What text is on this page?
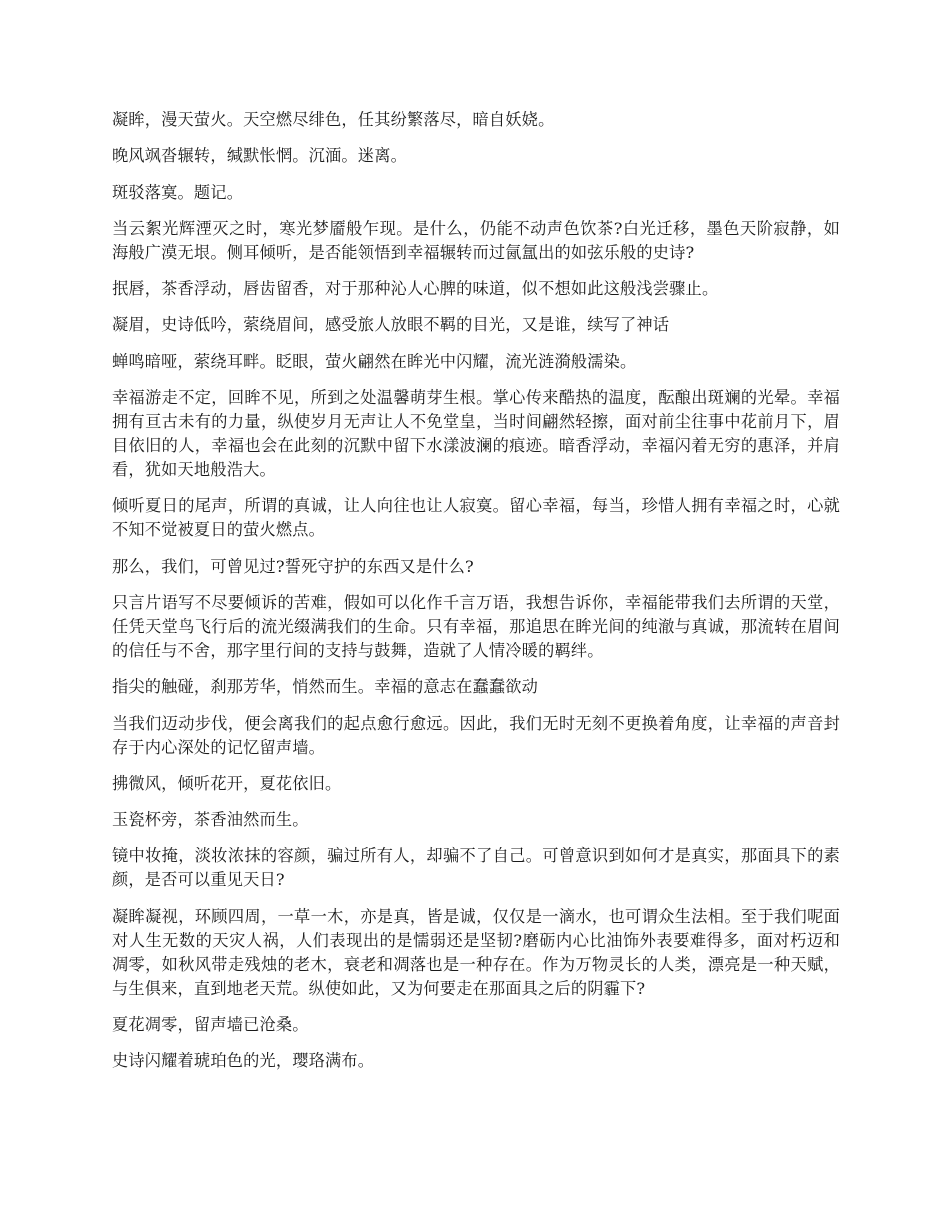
凝眸，漫天萤火。天空燃尽绯色，任其纷繁落尽，暗自妖娆。

晚风飒沓辗转，缄默怅惘。沉湎。迷离。

斑驳落寞。题记。

当云絮光辉湮灭之时，寒光梦靥般乍现。是什么，仍能不动声色饮茶?白光迁移，墨色天阶寂静，如海般广漠无垠。侧耳倾听，是否能领悟到幸福辗转而过氤氲出的如弦乐般的史诗?

抿唇，茶香浮动，唇齿留香，对于那种沁人心脾的味道，似不想如此这般浅尝骤止。

凝眉，史诗低吟，萦绕眉间，感受旅人放眼不羁的目光，又是谁，续写了神话

蝉鸣暗哑，萦绕耳畔。眨眼，萤火翩然在眸光中闪耀，流光涟漪般濡染。

幸福游走不定，回眸不见，所到之处温馨萌芽生根。掌心传来酷热的温度，酝酿出斑斓的光晕。幸福拥有亘古未有的力量，纵使岁月无声让人不免堂皇，当时间翩然轻擦，面对前尘往事中花前月下，眉目依旧的人，幸福也会在此刻的沉默中留下水漾波澜的痕迹。暗香浮动，幸福闪着无穷的惠泽，并肩看，犹如天地般浩大。

倾听夏日的尾声，所谓的真诚，让人向往也让人寂寞。留心幸福，每当，珍惜人拥有幸福之时，心就不知不觉被夏日的萤火燃点。

那么，我们，可曾见过?誓死守护的东西又是什么?

只言片语写不尽要倾诉的苦难，假如可以化作千言万语，我想告诉你，幸福能带我们去所谓的天堂，任凭天堂鸟飞行后的流光缀满我们的生命。只有幸福，那追思在眸光间的纯澈与真诚，那流转在眉间的信任与不舍，那字里行间的支持与鼓舞，造就了人情冷暖的羁绊。

指尖的触碰，刹那芳华，悄然而生。幸福的意志在蠢蠢欲动

当我们迈动步伐，便会离我们的起点愈行愈远。因此，我们无时无刻不更换着角度，让幸福的声音封存于内心深处的记忆留声墙。

拂微风，倾听花开，夏花依旧。

玉瓷杯旁，茶香油然而生。

镜中妆掩，淡妆浓抹的容颜，骗过所有人，却骗不了自己。可曾意识到如何才是真实，那面具下的素颜，是否可以重见天日?

凝眸凝视，环顾四周，一草一木，亦是真，皆是诚，仅仅是一滴水，也可谓众生法相。至于我们呢面对人生无数的天灾人祸，人们表现出的是懦弱还是坚韧?磨砺内心比油饰外表要难得多，面对朽迈和凋零，如秋风带走残烛的老木，衰老和凋落也是一种存在。作为万物灵长的人类，漂亮是一种天赋，与生俱来，直到地老天荒。纵使如此，又为何要走在那面具之后的阴霾下?

夏花凋零，留声墙已沧桑。

史诗闪耀着琥珀色的光，璎珞满布。
